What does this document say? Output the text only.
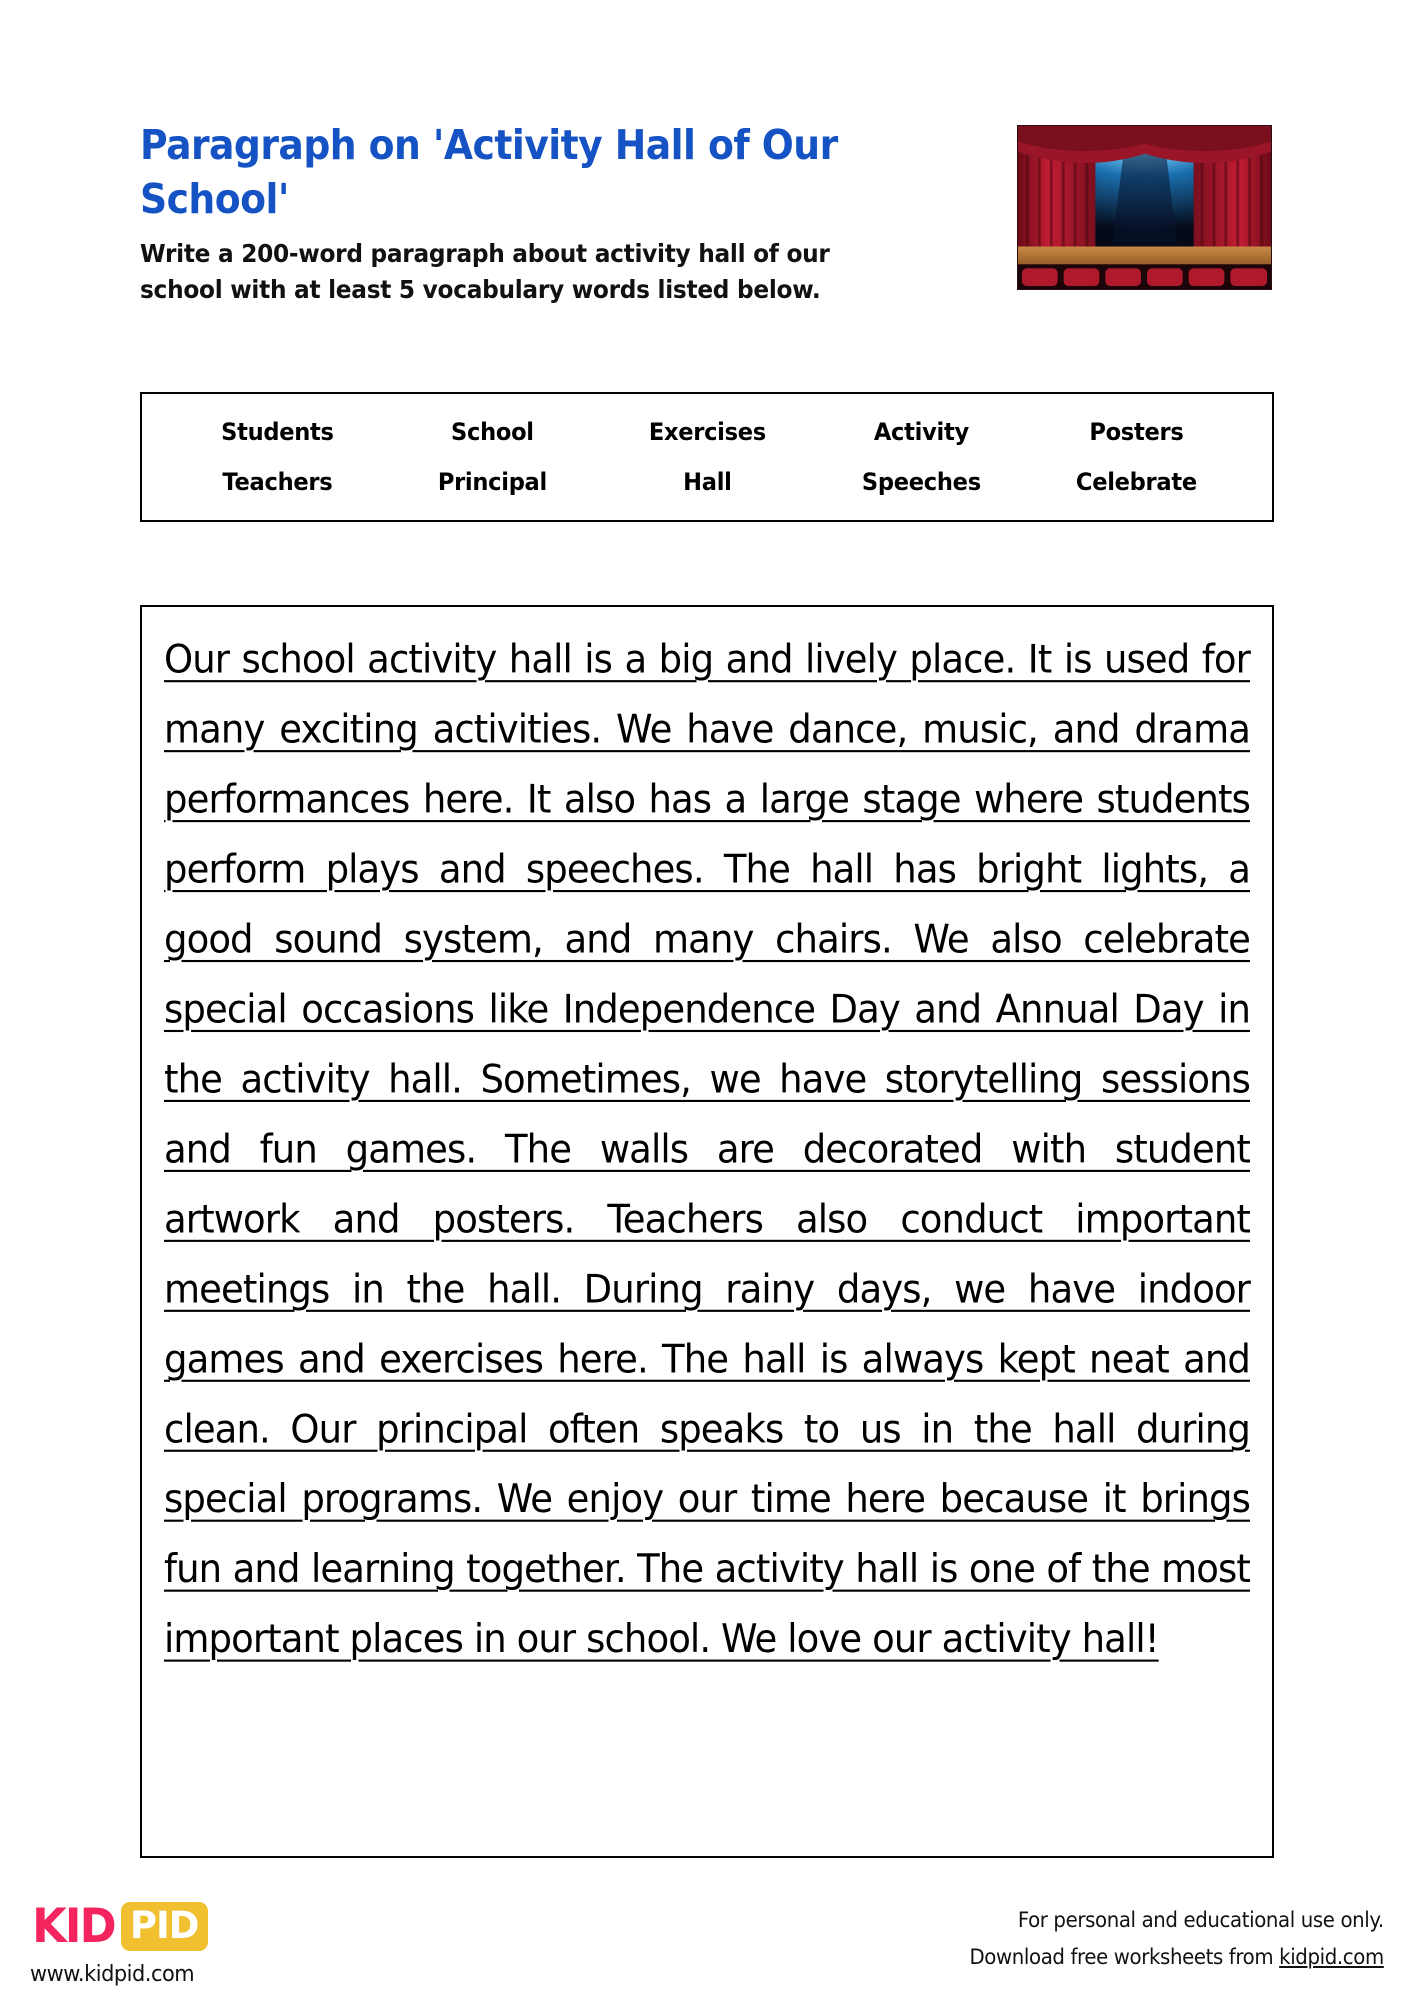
Paragraph on 'Activity Hall of Our School'
Write a 200-word paragraph about activity hall of our school with at least 5 vocabulary words listed below.
Students	School	Exercises	Activity	Posters
Teachers	Principal	Hall	Speeches	Celebrate
Our school activity hall is a big and lively place. It is used for many exciting activities. We have dance, music, and drama performances here. It also has a large stage where students perform plays and speeches. The hall has bright lights, a good sound system, and many chairs. We also celebrate special occasions like Independence Day and Annual Day in the activity hall. Sometimes, we have storytelling sessions and fun games. The walls are decorated with student artwork and posters. Teachers also conduct important meetings in the hall. During rainy days, we have indoor games and exercises here. The hall is always kept neat and clean. Our principal often speaks to us in the hall during special programs. We enjoy our time here because it brings fun and learning together. The activity hall is one of the most important places in our school. We love our activity hall!
KID PID
www.kidpid.com
For personal and educational use only.
Download free worksheets from kidpid.com
